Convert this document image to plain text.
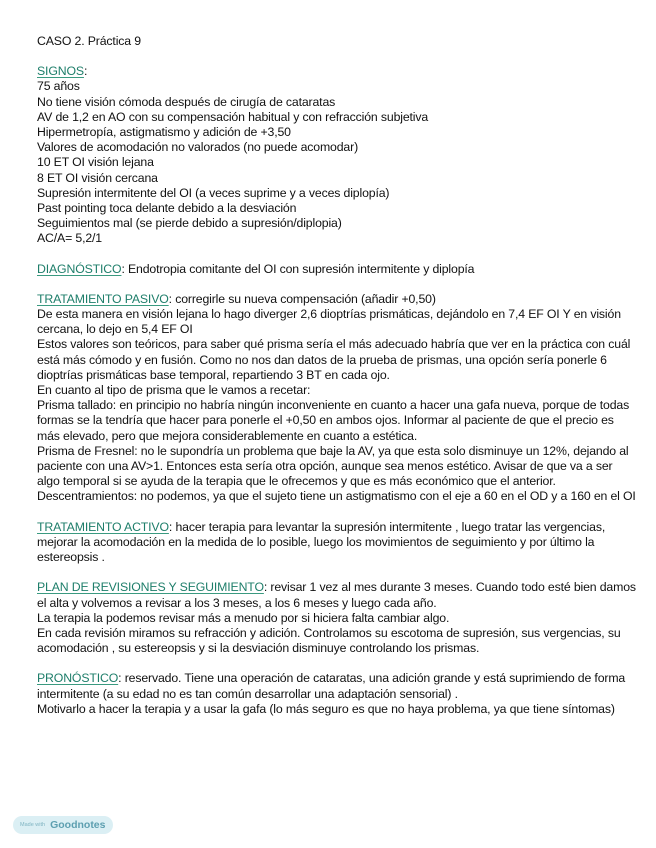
CASO 2. Práctica 9

SIGNOS:

75 años

No tiene visión cómoda después de cirugía de cataratas

AV de 1,2 en AO con su compensación habitual y con refracción subjetiva

Hipermetropía, astigmatismo y adición de +3,50

Valores de acomodación no valorados (no puede acomodar)

10 ET OI visión lejana

8 ET OI visión cercana

Supresión intermitente del OI (a veces suprime y a veces diplopía)

Past pointing toca delante debido a la desviación

Seguimientos mal (se pierde debido a supresión/diplopia)

AC/A= 5,2/1

DIAGNÓSTICO: Endotropia comitante del OI con supresión intermitente y diplopía

TRATAMIENTO PASIVO: corregirle su nueva compensación (añadir +0,50)

De esta manera en visión lejana lo hago diverger 2,6 dioptrías prismáticas, dejándolo en 7,4 EF OI Y en visión cercana, lo dejo en 5,4 EF OI

Estos valores son teóricos, para saber qué prisma sería el más adecuado habría que ver en la práctica con cuál está más cómodo y en fusión. Como no nos dan datos de la prueba de prismas, una opción sería ponerle 6 dioptrías prismáticas base temporal, repartiendo 3 BT en cada ojo.

En cuanto al tipo de prisma que le vamos a recetar:

Prisma tallado: en principio no habría ningún inconveniente en cuanto a hacer una gafa nueva, porque de todas formas se la tendría que hacer para ponerle el +0,50 en ambos ojos. Informar al paciente de que el precio es más elevado, pero que mejora considerablemente en cuanto a estética.

Prisma de Fresnel: no le supondría un problema que baje la AV, ya que esta solo disminuye un 12%, dejando al paciente con una AV>1. Entonces esta sería otra opción, aunque sea menos estético. Avisar de que va a ser algo temporal si se ayuda de la terapia que le ofrecemos y que es más económico que el anterior.

Descentramientos: no podemos, ya que el sujeto tiene un astigmatismo con el eje a 60 en el OD y a 160 en el OI

TRATAMIENTO ACTIVO: hacer terapia para levantar la supresión intermitente , luego tratar las vergencias, mejorar la acomodación en la medida de lo posible, luego los movimientos de seguimiento y por último la estereopsis .

PLAN DE REVISIONES Y SEGUIMIENTO: revisar 1 vez al mes durante 3 meses. Cuando todo esté bien damos el alta y volvemos a revisar a los 3 meses, a los 6 meses y luego cada año.

La terapia la podemos revisar más a menudo por si hiciera falta cambiar algo.

En cada revisión miramos su refracción y adición. Controlamos su escotoma de supresión, sus vergencias, su acomodación , su estereopsis y si la desviación disminuye controlando los prismas.

PRONÓSTICO: reservado. Tiene una operación de cataratas, una adición grande y está suprimiendo de forma intermitente (a su edad no es tan común desarrollar una adaptación sensorial) .

Motivarlo a hacer la terapia y a usar la gafa (lo más seguro es que no haya problema, ya que tiene síntomas)

Made with Goodnotes
